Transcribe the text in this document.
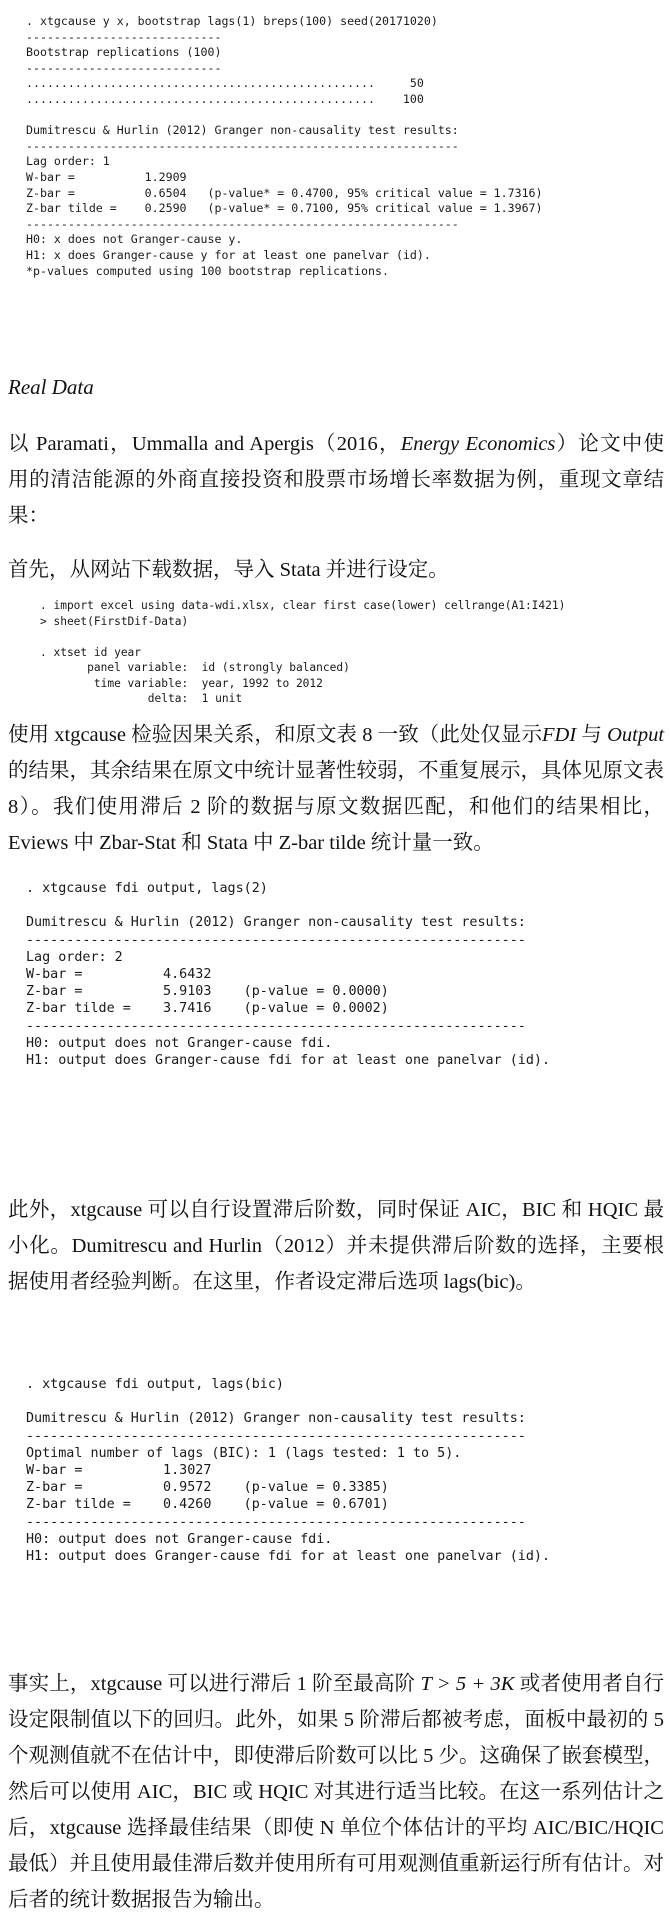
. xtgcause y x, bootstrap lags(1) breps(100) seed(20171020)
----------------------------
Bootstrap replications (100)
----------------------------
..................................................     50
..................................................    100

Dumitrescu & Hurlin (2012) Granger non-causality test results:
--------------------------------------------------------------
Lag order: 1
W-bar =          1.2909
Z-bar =          0.6504   (p-value* = 0.4700, 95% critical value = 1.7316)
Z-bar tilde =    0.2590   (p-value* = 0.7100, 95% critical value = 1.3967)
--------------------------------------------------------------
H0: x does not Granger-cause y.
H1: x does Granger-cause y for at least one panelvar (id).
*p-values computed using 100 bootstrap replications.

Real Data

以 Paramati，Ummalla and Apergis（2016，Energy Economics）论文中使用的清洁能源的外商直接投资和股票市场增长率数据为例，重现文章结果：

首先，从网站下载数据，导入 Stata 并进行设定。

. import excel using data-wdi.xlsx, clear first case(lower) cellrange(A1:I421)
> sheet(FirstDif-Data)

. xtset id year
panel variable:  id (strongly balanced)
time variable:  year, 1992 to 2012
delta:  1 unit

使用 xtgcause 检验因果关系，和原文表 8 一致（此处仅显示FDI 与 Output 的结果，其余结果在原文中统计显著性较弱，不重复展示，具体见原文表 8）。我们使用滞后 2 阶的数据与原文数据匹配，和他们的结果相比，Eviews 中 Zbar-Stat 和 Stata 中 Z-bar tilde 统计量一致。

. xtgcause fdi output, lags(2)

Dumitrescu & Hurlin (2012) Granger non-causality test results:
--------------------------------------------------------------
Lag order: 2
W-bar =          4.6432
Z-bar =          5.9103    (p-value = 0.0000)
Z-bar tilde =    3.7416    (p-value = 0.0002)
--------------------------------------------------------------
H0: output does not Granger-cause fdi.
H1: output does Granger-cause fdi for at least one panelvar (id).

此外，xtgcause 可以自行设置滞后阶数，同时保证 AIC，BIC 和 HQIC 最小化。Dumitrescu and Hurlin（2012）并未提供滞后阶数的选择，主要根据使用者经验判断。在这里，作者设定滞后选项 lags(bic)。

. xtgcause fdi output, lags(bic)

Dumitrescu & Hurlin (2012) Granger non-causality test results:
--------------------------------------------------------------
Optimal number of lags (BIC): 1 (lags tested: 1 to 5).
W-bar =          1.3027
Z-bar =          0.9572    (p-value = 0.3385)
Z-bar tilde =    0.4260    (p-value = 0.6701)
--------------------------------------------------------------
H0: output does not Granger-cause fdi.
H1: output does Granger-cause fdi for at least one panelvar (id).

事实上，xtgcause 可以进行滞后 1 阶至最高阶 T > 5 + 3K 或者使用者自行设定限制值以下的回归。此外，如果 5 阶滞后都被考虑，面板中最初的 5 个观测值就不在估计中，即使滞后阶数可以比 5 少。这确保了嵌套模型，然后可以使用 AIC，BIC 或 HQIC 对其进行适当比较。在这一系列估计之后，xtgcause 选择最佳结果（即使 N 单位个体估计的平均 AIC/BIC/HQIC 最低）并且使用最佳滞后数并使用所有可用观测值重新运行所有估计。对后者的统计数据报告为输出。
